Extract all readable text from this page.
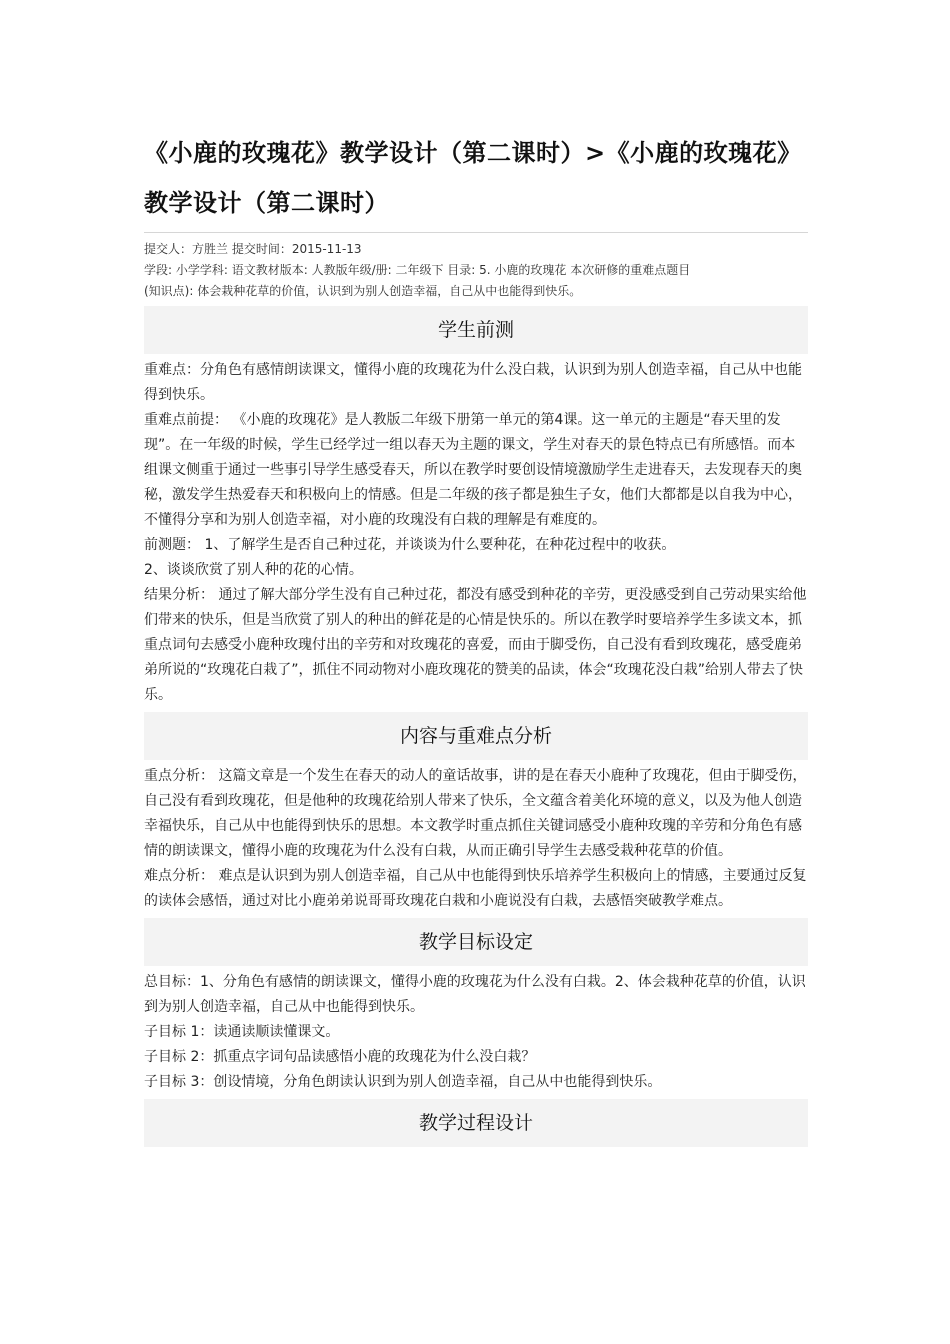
《小鹿的玫瑰花》教学设计（第二课时）>《小鹿的玫瑰花》
教学设计（第二课时）
提交人：方胜兰 提交时间：2015-11-13
学段: 小学学科: 语文教材版本: 人教版年级/册: 二年级下 目录: 5. 小鹿的玫瑰花 本次研修的重难点题目
(知识点): 体会栽种花草的价值，认识到为别人创造幸福，自己从中也能得到快乐。
学生前测
重难点：分角色有感情朗读课文，懂得小鹿的玫瑰花为什么没白栽，认识到为别人创造幸福，自己从中也能得到快乐。
重难点前提： 《小鹿的玫瑰花》是人教版二年级下册第一单元的第4课。这一单元的主题是“春天里的发现”。在一年级的时候，学生已经学过一组以春天为主题的课文，学生对春天的景色特点已有所感悟。而本组课文侧重于通过一些事引导学生感受春天，所以在教学时要创设情境激励学生走进春天，去发现春天的奥秘，激发学生热爱春天和积极向上的情感。但是二年级的孩子都是独生子女，他们大都都是以自我为中心，不懂得分享和为别人创造幸福，对小鹿的玫瑰没有白栽的理解是有难度的。
前测题： 1、了解学生是否自己种过花，并谈谈为什么要种花，在种花过程中的收获。
2、谈谈欣赏了别人种的花的心情。
结果分析： 通过了解大部分学生没有自己种过花，都没有感受到种花的辛劳，更没感受到自己劳动果实给他们带来的快乐，但是当欣赏了别人的种出的鲜花是的心情是快乐的。所以在教学时要培养学生多读文本，抓重点词句去感受小鹿种玫瑰付出的辛劳和对玫瑰花的喜爱，而由于脚受伤，自己没有看到玫瑰花，感受鹿弟弟所说的“玫瑰花白栽了”，抓住不同动物对小鹿玫瑰花的赞美的品读，体会“玫瑰花没白栽”给别人带去了快乐。
内容与重难点分析
重点分析： 这篇文章是一个发生在春天的动人的童话故事，讲的是在春天小鹿种了玫瑰花，但由于脚受伤，自己没有看到玫瑰花，但是他种的玫瑰花给别人带来了快乐，全文蕴含着美化环境的意义，以及为他人创造幸福快乐，自己从中也能得到快乐的思想。本文教学时重点抓住关键词感受小鹿种玫瑰的辛劳和分角色有感情的朗读课文，懂得小鹿的玫瑰花为什么没有白栽，从而正确引导学生去感受栽种花草的价值。
难点分析： 难点是认识到为别人创造幸福，自己从中也能得到快乐培养学生积极向上的情感，主要通过反复的读体会感悟，通过对比小鹿弟弟说哥哥玫瑰花白栽和小鹿说没有白栽，去感悟突破教学难点。
教学目标设定
总目标：1、分角色有感情的朗读课文，懂得小鹿的玫瑰花为什么没有白栽。2、体会栽种花草的价值，认识到为别人创造幸福，自己从中也能得到快乐。
子目标 1：读通读顺读懂课文。
子目标 2：抓重点字词句品读感悟小鹿的玫瑰花为什么没白栽？
子目标 3：创设情境，分角色朗读认识到为别人创造幸福，自己从中也能得到快乐。
教学过程设计
